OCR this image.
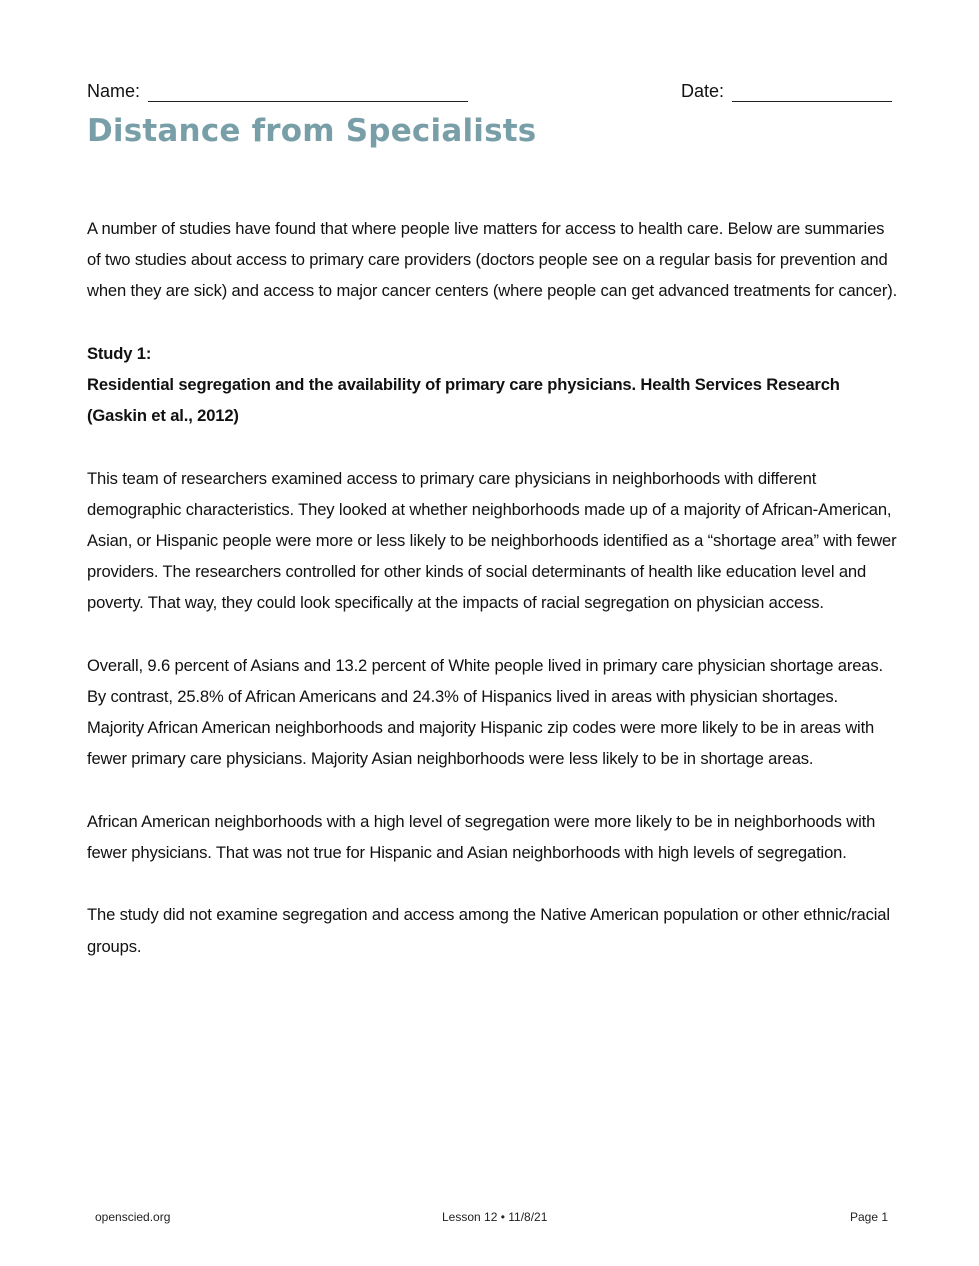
Name:	Date:
Distance from Specialists

A number of studies have found that where people live matters for access to health care. Below are summaries of two studies about access to primary care providers (doctors people see on a regular basis for prevention and when they are sick) and access to major cancer centers (where people can get advanced treatments for cancer).

Study 1:
Residential segregation and the availability of primary care physicians. Health Services Research (Gaskin et al., 2012)

This team of researchers examined access to primary care physicians in neighborhoods with different demographic characteristics. They looked at whether neighborhoods made up of a majority of African-American, Asian, or Hispanic people were more or less likely to be neighborhoods identified as a “shortage area” with fewer providers. The researchers controlled for other kinds of social determinants of health like education level and poverty. That way, they could look specifically at the impacts of racial segregation on physician access.

Overall, 9.6 percent of Asians and 13.2 percent of White people lived in primary care physician shortage areas. By contrast, 25.8% of African Americans and 24.3% of Hispanics lived in areas with physician shortages. Majority African American neighborhoods and majority Hispanic zip codes were more likely to be in areas with fewer primary care physicians. Majority Asian neighborhoods were less likely to be in shortage areas.

African American neighborhoods with a high level of segregation were more likely to be in neighborhoods with fewer physicians. That was not true for Hispanic and Asian neighborhoods with high levels of segregation.

The study did not examine segregation and access among the Native American population or other ethnic/racial groups.

openscied.org	Lesson 12 • 11/8/21	Page 1
